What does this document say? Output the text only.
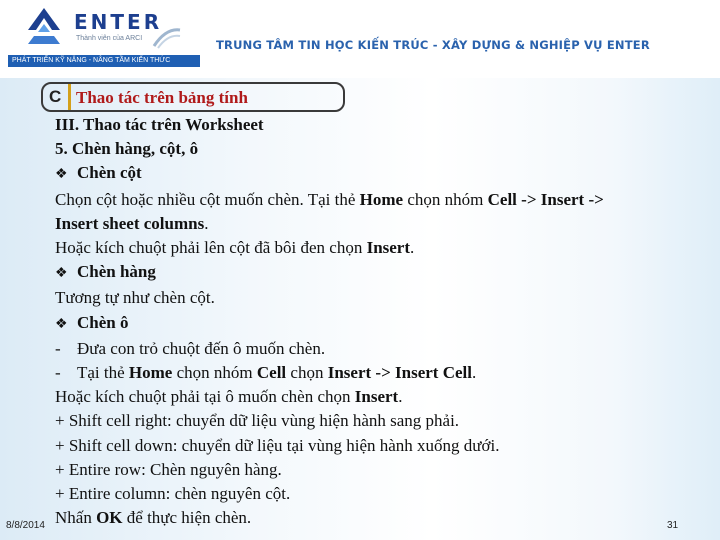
ENTER
Thành viên của ARCI
PHÁT TRIỂN KỸ NĂNG - NÂNG TẦM KIẾN THỨC
TRUNG TÂM TIN HỌC KIẾN TRÚC - XÂY DỰNG & NGHIỆP VỤ ENTER
C Thao tác trên bảng tính
III. Thao tác trên Worksheet
5. Chèn hàng, cột, ô
❖ Chèn cột
Chọn cột hoặc nhiều cột muốn chèn. Tại thẻ Home chọn nhóm Cell -> Insert ->
Insert sheet columns.
Hoặc kích chuột phải lên cột đã bôi đen chọn Insert.
❖ Chèn hàng
Tương tự như chèn cột.
❖ Chèn ô
- Đưa con trỏ chuột đến ô muốn chèn.
- Tại thẻ Home chọn nhóm Cell chọn Insert -> Insert Cell.
Hoặc kích chuột phải tại ô muốn chèn chọn Insert.
+ Shift cell right: chuyển dữ liệu vùng hiện hành sang phải.
+ Shift cell down: chuyển dữ liệu tại vùng hiện hành xuống dưới.
+ Entire row: Chèn nguyên hàng.
+ Entire column: chèn nguyên cột.
Nhấn OK để thực hiện chèn.
8/8/2014	31
